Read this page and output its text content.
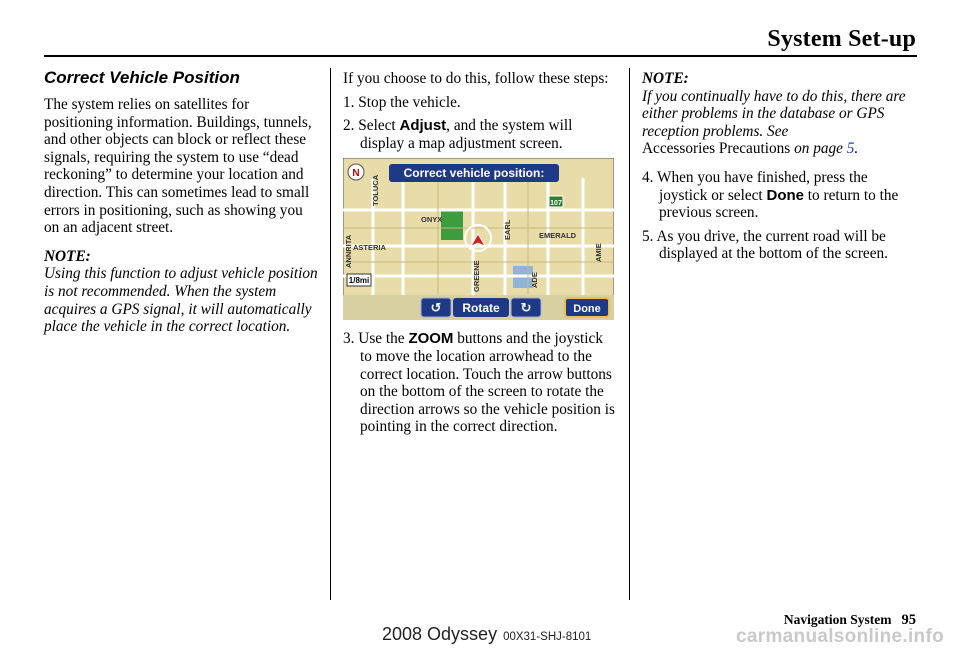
System Set-up
Correct Vehicle Position

The system relies on satellites for positioning information. Buildings, tunnels, and other objects can block or reflect these signals, requiring the system to use “dead reckoning” to determine your location and direction. This can sometimes lead to small errors in positioning, such as showing you on an adjacent street.

NOTE:

Using this function to adjust vehicle position is not recommended. When the system acquires a GPS signal, it will automatically place the vehicle in the correct location.

If you choose to do this, follow these steps:

1. Stop the vehicle.
2. Select Adjust, and the system will display a map adjustment screen.
Correct vehicle position:
N
TOLUCA
ONYX
ANNRITA ASTERIA
EARL	EMERALD
AMIE
GREENE	ADE
107
1/8mi
↺ Rotate ↻	Done
3. Use the ZOOM buttons and the joystick to move the location arrowhead to the correct location. Touch the arrow buttons on the bottom of the screen to rotate the direction arrows so the vehicle position is pointing in the correct direction.

NOTE:

If you continually have to do this, there are either problems in the database or GPS reception problems. See
Accessories Precautions on page 5.

4. When you have finished, press the joystick or select Done to return to the previous screen.
5. As you drive, the current road will be displayed at the bottom of the screen.
Navigation System 95
2008 Odyssey 00X31-SHJ-8101	carmanualsonline.info
